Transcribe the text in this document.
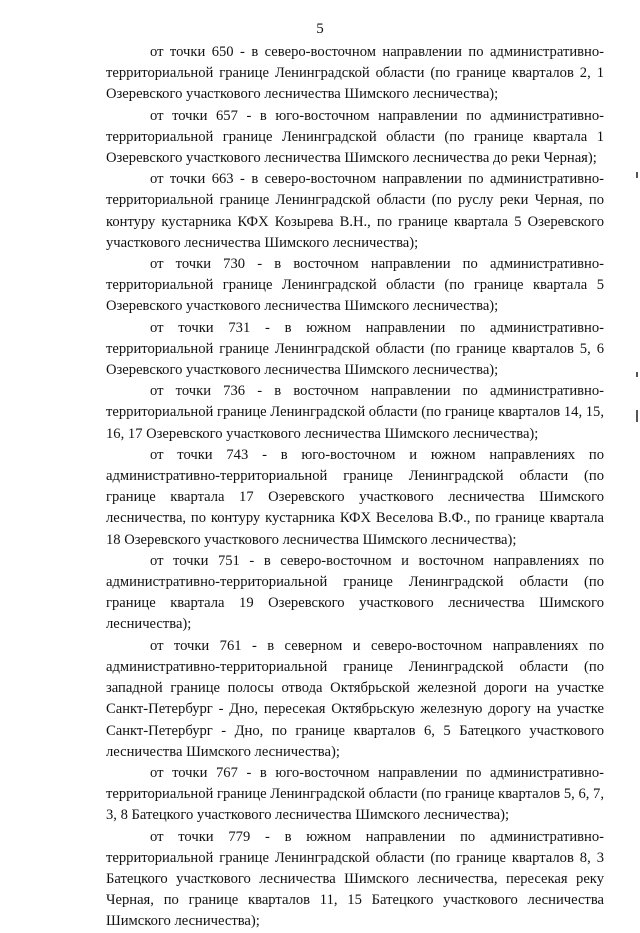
5

от точки 650 - в северо-восточном направлении по административно-территориальной границе Ленинградской области (по границе кварталов 2, 1 Озеревского участкового лесничества Шимского лесничества);

от точки 657 - в юго-восточном направлении по административно-территориальной границе Ленинградской области (по границе квартала 1 Озеревского участкового лесничества Шимского лесничества до реки Черная);

от точки 663 - в северо-восточном направлении по административно-территориальной границе Ленинградской области (по руслу реки Черная, по контуру кустарника КФХ Козырева В.Н., по границе квартала 5 Озеревского участкового лесничества Шимского лесничества);

от точки 730 - в восточном направлении по административно-территориальной границе Ленинградской области (по границе квартала 5 Озеревского участкового лесничества Шимского лесничества);

от точки 731 - в южном направлении по административно-территориальной границе Ленинградской области (по границе кварталов 5, 6 Озеревского участкового лесничества Шимского лесничества);

от точки 736 - в восточном направлении по административно-территориальной границе Ленинградской области (по границе кварталов 14, 15, 16, 17 Озеревского участкового лесничества Шимского лесничества);

от точки 743 - в юго-восточном и южном направлениях по административно-территориальной границе Ленинградской области (по границе квартала 17 Озеревского участкового лесничества Шимского лесничества, по контуру кустарника КФХ Веселова В.Ф., по границе квартала 18 Озеревского участкового лесничества Шимского лесничества);

от точки 751 - в северо-восточном и восточном направлениях по административно-территориальной границе Ленинградской области (по границе квартала 19 Озеревского участкового лесничества Шимского лесничества);

от точки 761 - в северном и северо-восточном направлениях по административно-территориальной границе Ленинградской области (по западной границе полосы отвода Октябрьской железной дороги на участке Санкт-Петербург - Дно, пересекая Октябрьскую железную дорогу на участке Санкт-Петербург - Дно, по границе кварталов 6, 5 Батецкого участкового лесничества Шимского лесничества);

от точки 767 - в юго-восточном направлении по административно-территориальной границе Ленинградской области (по границе кварталов 5, 6, 7, 3, 8 Батецкого участкового лесничества Шимского лесничества);

от точки 779 - в южном направлении по административно-территориальной границе Ленинградской области (по границе кварталов 8, 3 Батецкого участкового лесничества Шимского лесничества, пересекая реку Черная, по границе кварталов 11, 15 Батецкого участкового лесничества Шимского лесничества);
